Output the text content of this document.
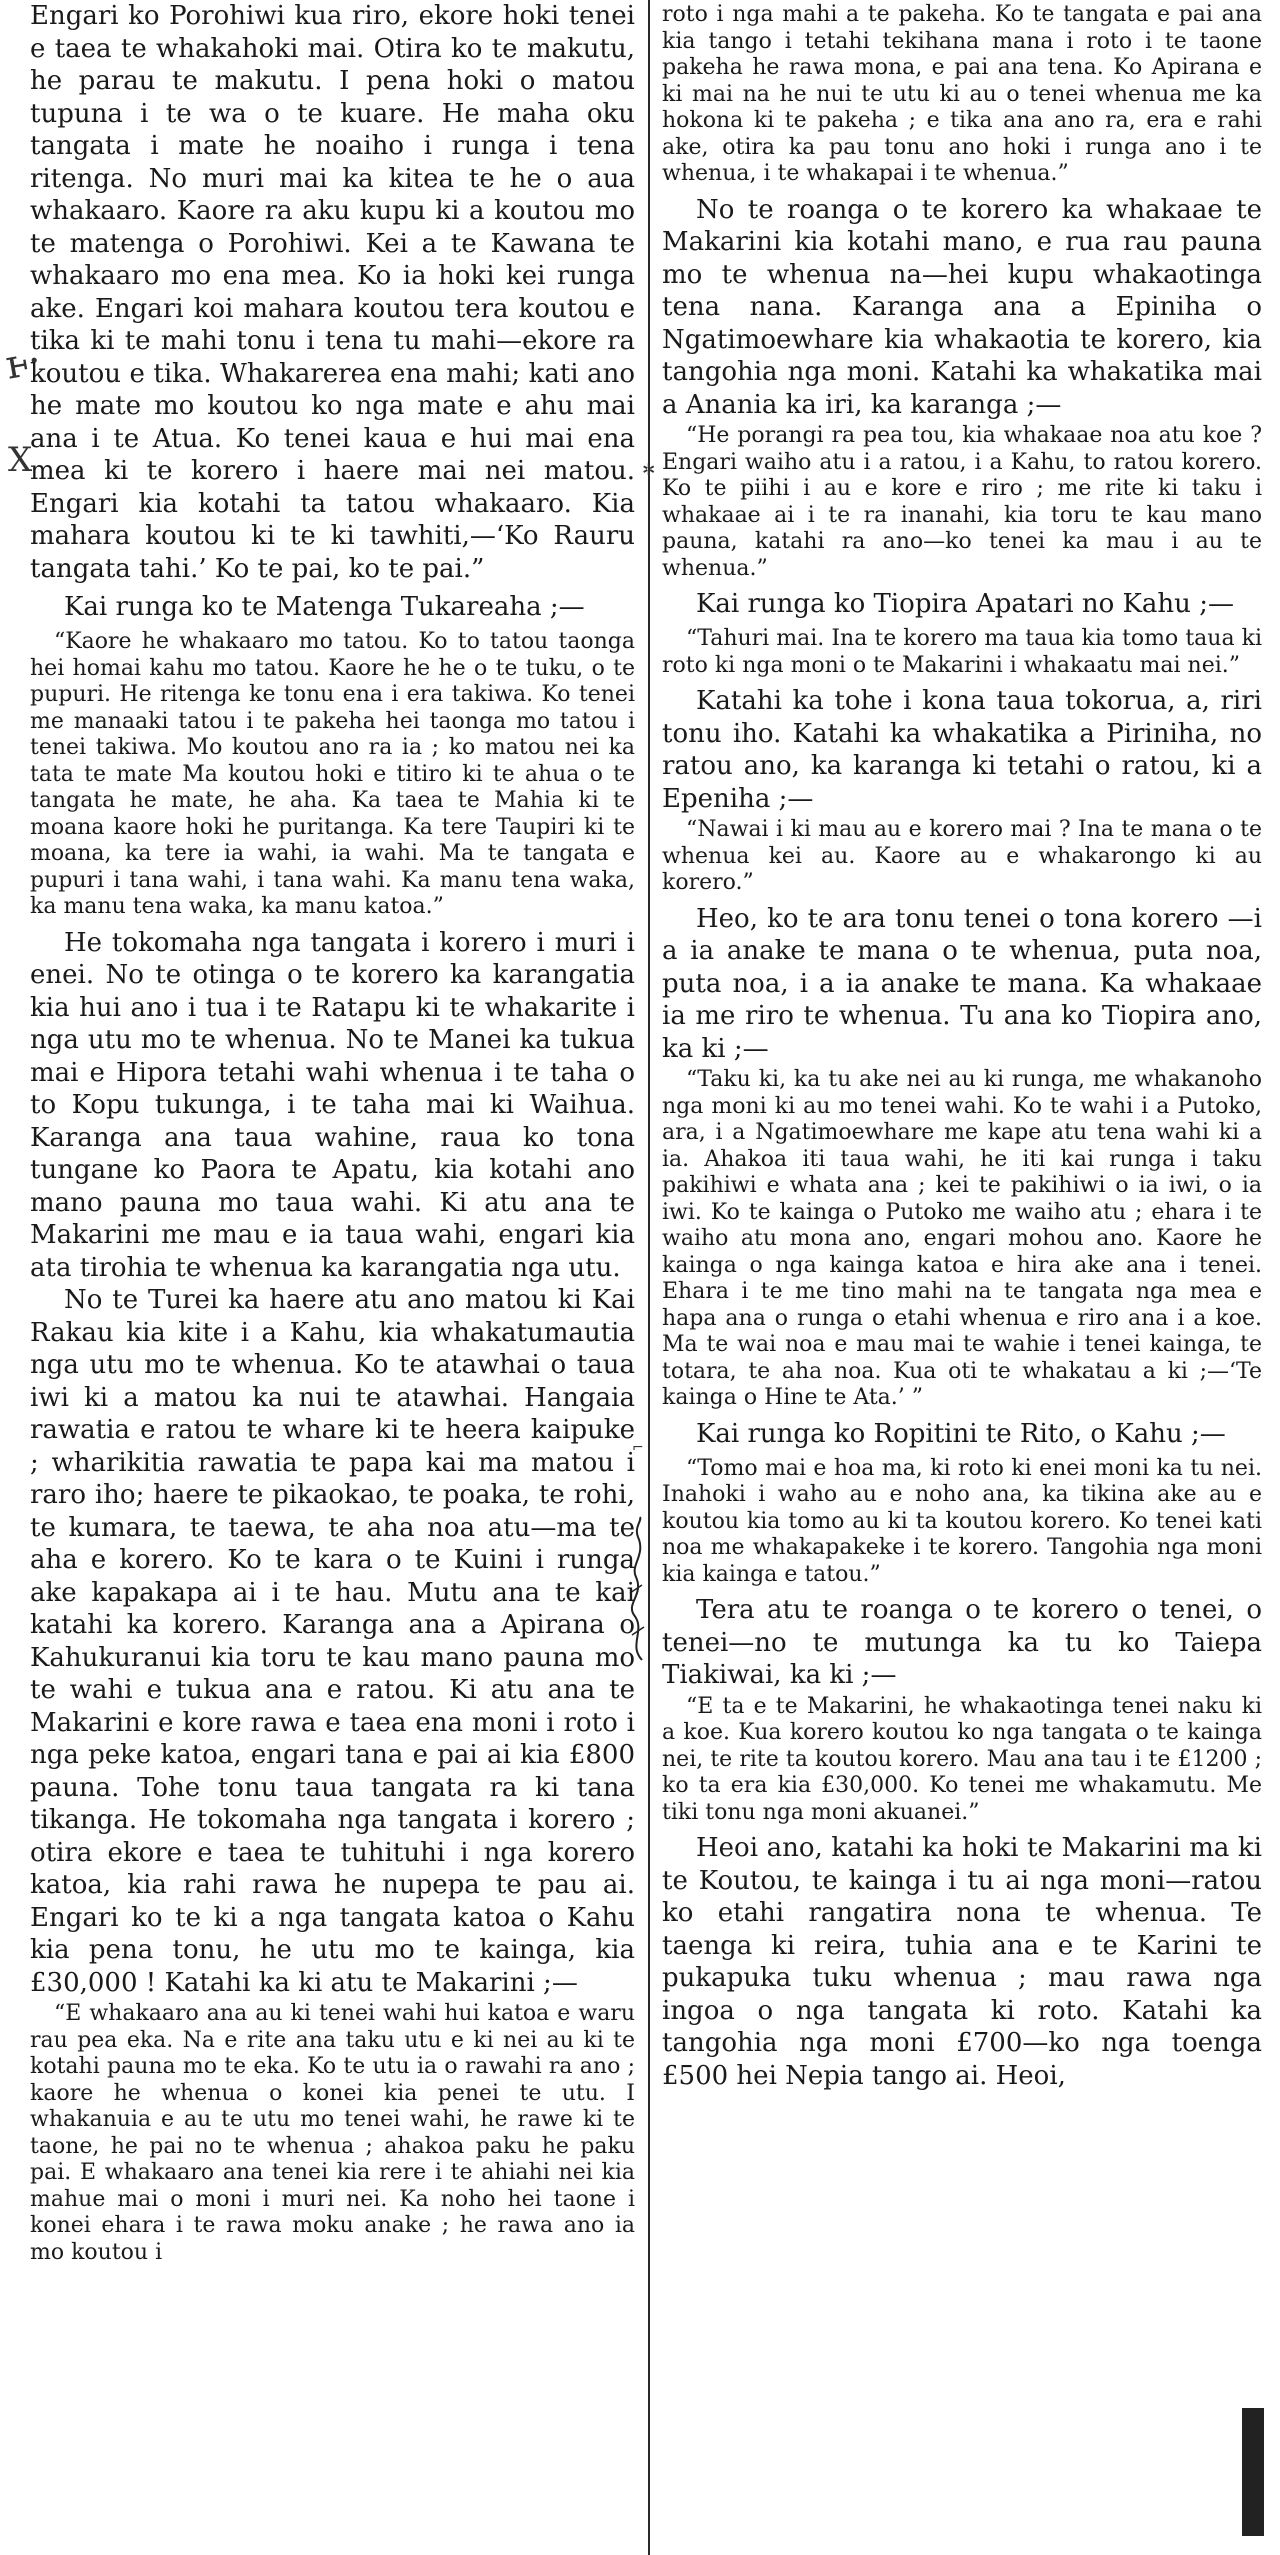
ⱶ·
X	✲
⌐

Engari ko Porohiwi kua riro, ekore hoki tenei e taea te whakahoki mai. Otira ko te makutu, he parau te makutu. I pena hoki o matou tupuna i te wa o te kuare. He maha oku tangata i mate he noaiho i runga i tena ritenga. No muri mai ka kitea te he o aua whakaaro. Kaore ra aku kupu ki a koutou mo te matenga o Porohiwi. Kei a te Kawana te whakaaro mo ena mea. Ko ia hoki kei runga ake. Engari koi mahara koutou tera koutou e tika ki te mahi tonu i tena tu mahi—ekore ra koutou e tika. Whakarerea ena mahi; kati ano he mate mo koutou ko nga mate e ahu mai ana i te Atua. Ko tenei kaua e hui mai ena mea ki te korero i haere mai nei matou. Engari kia kotahi ta tatou whakaaro. Kia mahara koutou ki te ki tawhiti,—‘Ko Rauru tangata tahi.’ Ko te pai, ko te pai.”

Kai runga ko te Matenga Tukareaha ;—

“Kaore he whakaaro mo tatou. Ko to tatou taonga hei homai kahu mo tatou. Kaore he he o te tuku, o te pupuri. He ritenga ke tonu ena i era takiwa. Ko tenei me manaaki tatou i te pakeha hei taonga mo tatou i tenei takiwa. Mo koutou ano ra ia ; ko matou nei ka tata te mate Ma koutou hoki e titiro ki te ahua o te tangata he mate, he aha. Ka taea te Mahia ki te moana kaore hoki he puritanga. Ka tere Taupiri ki te moana, ka tere ia wahi, ia wahi. Ma te tangata e pupuri i tana wahi, i tana wahi. Ka manu tena waka, ka manu tena waka, ka manu katoa.”

He tokomaha nga tangata i korero i muri i enei. No te otinga o te korero ka karangatia kia hui ano i tua i te Ratapu ki te whakarite i nga utu mo te whenua. No te Manei ka tukua mai e Hipora tetahi wahi whenua i te taha o to Kopu tukunga, i te taha mai ki Waihua. Karanga ana taua wahine, raua ko tona tungane ko Paora te Apatu, kia kotahi ano mano pauna mo taua wahi. Ki atu ana te Makarini me mau e ia taua wahi, engari kia ata tirohia te whenua ka karangatia nga utu.

No te Turei ka haere atu ano matou ki Kai Rakau kia kite i a Kahu, kia whakatumautia nga utu mo te whenua. Ko te atawhai o taua iwi ki a matou ka nui te atawhai. Hangaia rawatia e ratou te whare ki te heera kaipuke ; wharikitia rawatia te papa kai ma matou i raro iho; haere te pikaokao, te poaka, te rohi, te kumara, te taewa, te aha noa atu—ma te aha e korero. Ko te kara o te Kuini i runga ake kapakapa ai i te hau. Mutu ana te kai katahi ka korero. Karanga ana a Apirana o Kahukuranui kia toru te kau mano pauna mo te wahi e tukua ana e ratou. Ki atu ana te Makarini e kore rawa e taea ena moni i roto i nga peke katoa, engari tana e pai ai kia £800 pauna. Tohe tonu taua tangata ra ki tana tikanga. He tokomaha nga tangata i korero ; otira ekore e taea te tuhituhi i nga korero katoa, kia rahi rawa he nupepa te pau ai. Engari ko te ki a nga tangata katoa o Kahu kia pena tonu, he utu mo te kainga, kia £30,000 ! Katahi ka ki atu te Makarini ;—

“E whakaaro ana au ki tenei wahi hui katoa e waru rau pea eka. Na e rite ana taku utu e ki nei au ki te kotahi pauna mo te eka. Ko te utu ia o rawahi ra ano ; kaore he whenua o konei kia penei te utu. I whakanuia e au te utu mo tenei wahi, he rawe ki te taone, he pai no te whenua ; ahakoa paku he paku pai. E whakaaro ana tenei kia rere i te ahiahi nei kia mahue mai o moni i muri nei. Ka noho hei taone i konei ehara i te rawa moku anake ; he rawa ano ia mo koutou i

roto i nga mahi a te pakeha. Ko te tangata e pai ana kia tango i tetahi tekihana mana i roto i te taone pakeha he rawa mona, e pai ana tena. Ko Apirana e ki mai na he nui te utu ki au o tenei whenua me ka hokona ki te pakeha ; e tika ana ano ra, era e rahi ake, otira ka pau tonu ano hoki i runga ano i te whenua, i te whakapai i te whenua.”

No te roanga o te korero ka whakaae te Makarini kia kotahi mano, e rua rau pauna mo te whenua na—hei kupu whakaotinga tena nana. Karanga ana a Epiniha o Ngatimoewhare kia whakaotia te korero, kia tangohia nga moni. Katahi ka whakatika mai a Anania ka iri, ka karanga ;—

“He porangi ra pea tou, kia whakaae noa atu koe ? Engari waiho atu i a ratou, i a Kahu, to ratou korero. Ko te piihi i au e kore e riro ; me rite ki taku i whakaae ai i te ra inanahi, kia toru te kau mano pauna, katahi ra ano—ko tenei ka mau i au te whenua.”

Kai runga ko Tiopira Apatari no Kahu ;—

“Tahuri mai. Ina te korero ma taua kia tomo taua ki roto ki nga moni o te Makarini i whakaatu mai nei.”

Katahi ka tohe i kona taua tokorua, a, riri tonu iho. Katahi ka whakatika a Piriniha, no ratou ano, ka karanga ki tetahi o ratou, ki a Epeniha ;—

“Nawai i ki mau au e korero mai ? Ina te mana o te whenua kei au. Kaore au e whakarongo ki au korero.”

Heo, ko te ara tonu tenei o tona korero —i a ia anake te mana o te whenua, puta noa, puta noa, i a ia anake te mana. Ka whakaae ia me riro te whenua. Tu ana ko Tiopira ano, ka ki ;—

“Taku ki, ka tu ake nei au ki runga, me whakanoho nga moni ki au mo tenei wahi. Ko te wahi i a Putoko, ara, i a Ngatimoewhare me kape atu tena wahi ki a ia. Ahakoa iti taua wahi, he iti kai runga i taku pakihiwi e whata ana ; kei te pakihiwi o ia iwi, o ia iwi. Ko te kainga o Putoko me waiho atu ; ehara i te waiho atu mona ano, engari mohou ano. Kaore he kainga o nga kainga katoa e hira ake ana i tenei. Ehara i te me tino mahi na te tangata nga mea e hapa ana o runga o etahi whenua e riro ana i a koe. Ma te wai noa e mau mai te wahie i tenei kainga, te totara, te aha noa. Kua oti te whakatau a ki ;—‘Te kainga o Hine te Ata.’ ”

Kai runga ko Ropitini te Rito, o Kahu ;—

“Tomo mai e hoa ma, ki roto ki enei moni ka tu nei. Inahoki i waho au e noho ana, ka tikina ake au e koutou kia tomo au ki ta koutou korero. Ko tenei kati noa me whakapakeke i te korero. Tangohia nga moni kia kainga e tatou.”

Tera atu te roanga o te korero o tenei, o tenei—no te mutunga ka tu ko Taiepa Tiakiwai, ka ki ;—

“E ta e te Makarini, he whakaotinga tenei naku ki a koe. Kua korero koutou ko nga tangata o te kainga nei, te rite ta koutou korero. Mau ana tau i te £1200 ; ko ta era kia £30,000. Ko tenei me whakamutu. Me tiki tonu nga moni akuanei.”

Heoi ano, katahi ka hoki te Makarini ma ki te Koutou, te kainga i tu ai nga moni—ratou ko etahi rangatira nona te whenua. Te taenga ki reira, tuhia ana e te Karini te pukapuka tuku whenua ; mau rawa nga ingoa o nga tangata ki roto. Katahi ka tangohia nga moni £700—ko nga toenga £500 hei Nepia tango ai. Heoi,
